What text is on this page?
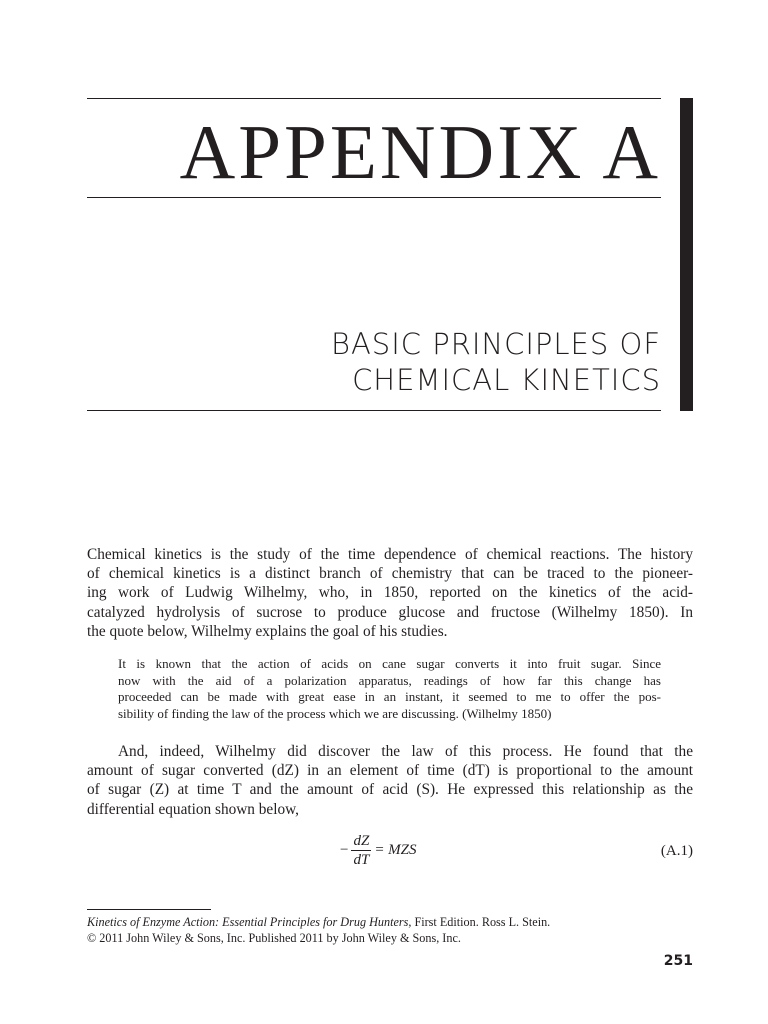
APPENDIX A
BASIC PRINCIPLES OF
CHEMICAL KINETICS
Chemical kinetics is the study of the time dependence of chemical reactions. The history
of chemical kinetics is a distinct branch of chemistry that can be traced to the pioneer-
ing work of Ludwig Wilhelmy, who, in 1850, reported on the kinetics of the acid-
catalyzed hydrolysis of sucrose to produce glucose and fructose (Wilhelmy 1850). In
the quote below, Wilhelmy explains the goal of his studies.
It is known that the action of acids on cane sugar converts it into fruit sugar. Since
now with the aid of a polarization apparatus, readings of how far this change has
proceeded can be made with great ease in an instant, it seemed to me to offer the pos-
sibility of finding the law of the process which we are discussing. (Wilhelmy 1850)
And, indeed, Wilhelmy did discover the law of this process. He found that the
amount of sugar converted (dZ) in an element of time (dT) is proportional to the amount
of sugar (Z) at time T and the amount of acid (S). He expressed this relationship as the
differential equation shown below,
− $\frac{dZ}{dT}$ = MZS	(A.1)
Kinetics of Enzyme Action: Essential Principles for Drug Hunters, First Edition. Ross L. Stein.
© 2011 John Wiley & Sons, Inc. Published 2011 by John Wiley & Sons, Inc.
251
